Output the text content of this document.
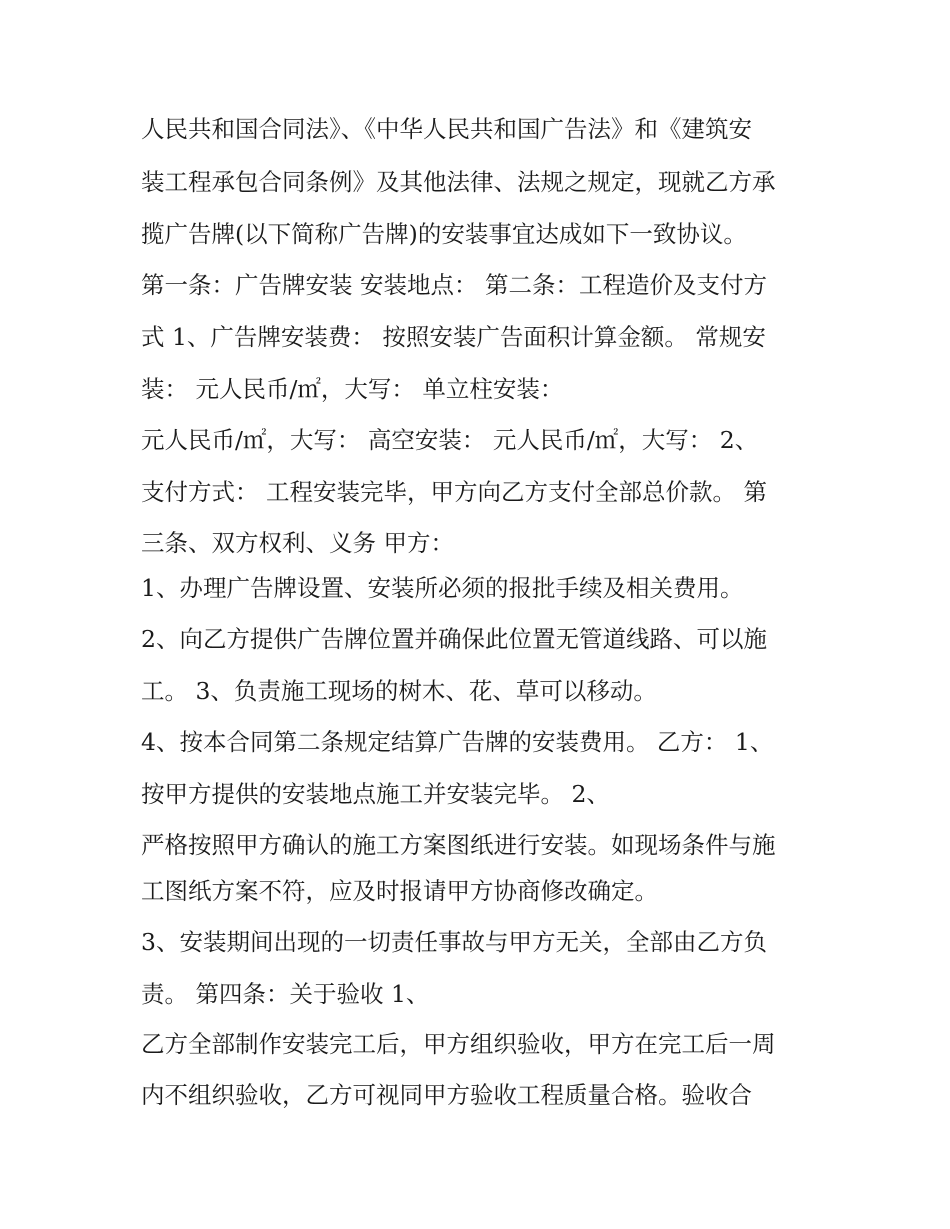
人民共和国合同法》、《中华人民共和国广告法》和《建筑安
装工程承包合同条例》及其他法律、法规之规定，现就乙方承
揽广告牌(以下简称广告牌)的安装事宜达成如下一致协议。
第一条：广告牌安装 安装地点： 第二条：工程造价及支付方
式 1、广告牌安装费： 按照安装广告面积计算金额。 常规安
装： 元人民币/㎡，大写： 单立柱安装：
元人民币/㎡，大写： 高空安装： 元人民币/㎡，大写： 2、
支付方式： 工程安装完毕，甲方向乙方支付全部总价款。 第
三条、双方权利、义务 甲方：
1、办理广告牌设置、安装所必须的报批手续及相关费用。
2、向乙方提供广告牌位置并确保此位置无管道线路、可以施
工。 3、负责施工现场的树木、花、草可以移动。
4、按本合同第二条规定结算广告牌的安装费用。 乙方： 1、
按甲方提供的安装地点施工并安装完毕。 2、
严格按照甲方确认的施工方案图纸进行安装。如现场条件与施
工图纸方案不符，应及时报请甲方协商修改确定。
3、安装期间出现的一切责任事故与甲方无关，全部由乙方负
责。 第四条：关于验收 1、
乙方全部制作安装完工后，甲方组织验收，甲方在完工后一周
内不组织验收，乙方可视同甲方验收工程质量合格。验收合
